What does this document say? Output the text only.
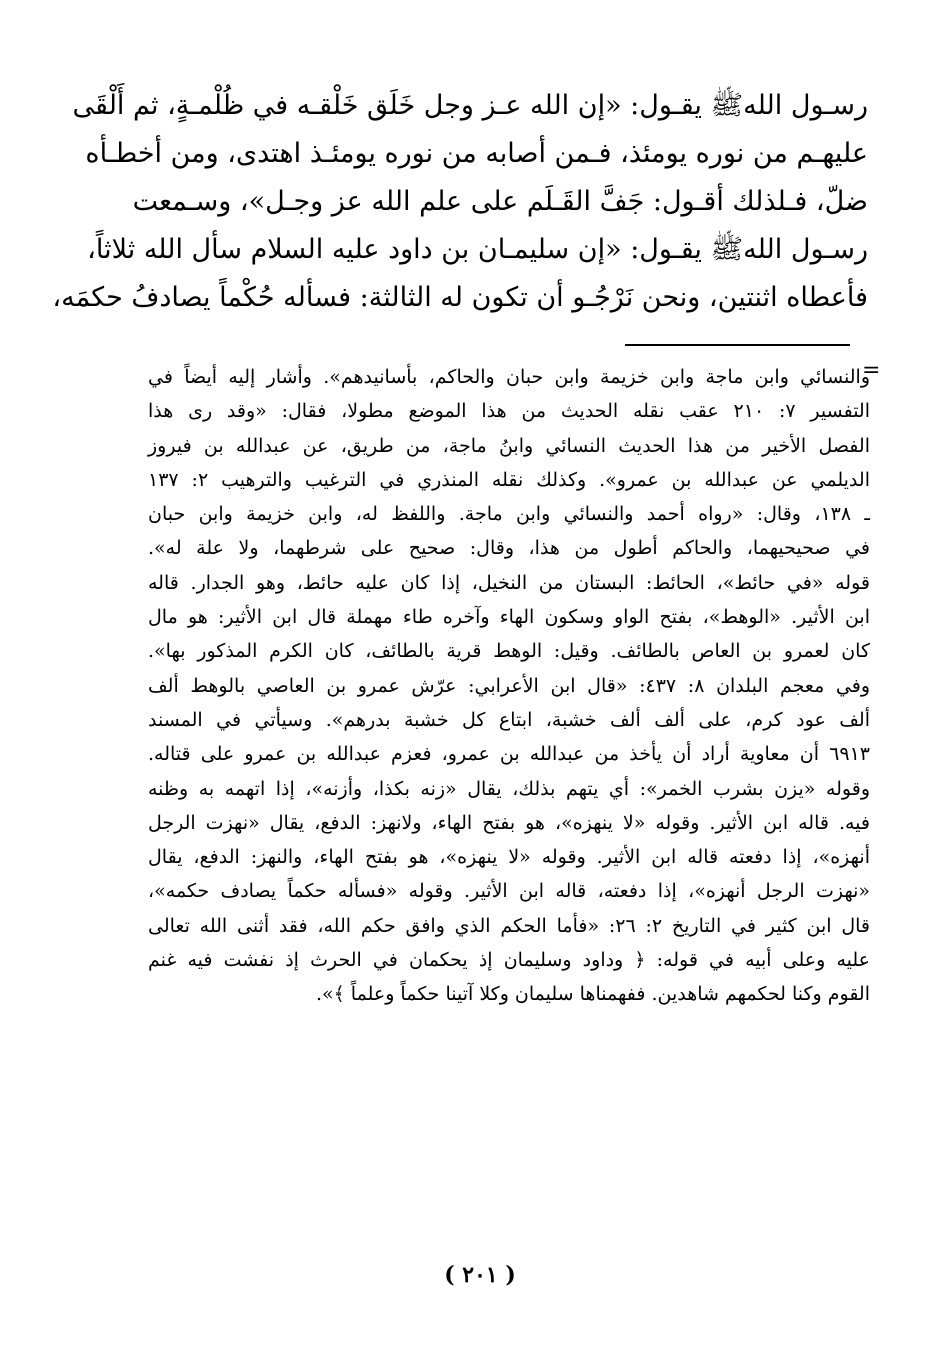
رسـول اللهﷺ يقـول: «إن الله عـز وجل خَلَق خَلْقـه في ظُلْمـةٍ، ثم أَلْقَى
عليهـم من نوره يومئذ، فـمن أصابه من نوره يومئـذ اهتدى، ومن أخطـأه
ضلّ، فـلذلك أقـول: جَفَّ القَـلَم على علم الله عز وجـل»، وسـمعت
رسـول اللهﷺ يقـول: «إن سليمـان بن داود عليه السلام سأل الله ثلاثاً،
فأعطاه اثنتين، ونحن نَرْجُـو أن تكون له الثالثة: فسأله حُكْماً يصادفُ حكمَه،
=
والنسائي وابن ماجة وابن خزيمة وابن حبان والحاكم، بأسانيدهم». وأشار إليه أيضاً في
التفسير ٧: ٢١٠ عقب نقله الحديث من هذا الموضع مطولا، فقال: «وقد رى هذا
الفصل الأخير من هذا الحديث النسائي وابنُ ماجة، من طريق، عن عبدالله بن فيروز
الديلمي عن عبدالله بن عمرو». وكذلك نقله المنذري في الترغيب والترهيب ٢: ١٣٧
ـ ١٣٨، وقال: «رواه أحمد والنسائي وابن ماجة. واللفظ له، وابن خزيمة وابن حبان
في صحيحيهما، والحاكم أطول من هذا، وقال: صحيح على شرطهما، ولا علة له».
قوله «في حائط»، الحائط: البستان من النخيل، إذا كان عليه حائط، وهو الجدار. قاله
ابن الأثير. «الوهط»، بفتح الواو وسكون الهاء وآخره طاء مهملة قال ابن الأثير: هو مال
كان لعمرو بن العاص بالطائف. وقيل: الوهط قرية بالطائف، كان الكرم المذكور بها».
وفي معجم البلدان ٨: ٤٣٧: «قال ابن الأعرابي: عرّش عمرو بن العاصي بالوهط ألف
ألف عود كرم، على ألف ألف خشبة، ابتاع كل خشبة بدرهم». وسيأتي في المسند
٦٩١٣ أن معاوية أراد أن يأخذ من عبدالله بن عمرو، فعزم عبدالله بن عمرو على قتاله.
وقوله «يزن بشرب الخمر»: أي يتهم بذلك، يقال «زنه بكذا، وأزنه»، إذا اتهمه به وظنه
فيه. قاله ابن الأثير. وقوله «لا ينهزه»، هو بفتح الهاء، ولانهز: الدفع، يقال «نهزت الرجل
أنهزه»، إذا دفعته قاله ابن الأثير. وقوله «لا ينهزه»، هو بفتح الهاء، والنهز: الدفع، يقال
«نهزت الرجل أنهزه»، إذا دفعته، قاله ابن الأثير. وقوله «فسأله حكماً يصادف حكمه»،
قال ابن كثير في التاريخ ٢: ٢٦: «فأما الحكم الذي وافق حكم الله، فقد أثنى الله تعالى
عليه وعلى أبيه في قوله: ﴿ وداود وسليمان إذ يحكمان في الحرث إذ نفشت فيه غنم
القوم وكنا لحكمهم شاهدين. ففهمناها سليمان وكلا آتينا حكماً وعلماً ﴾».
( ٢٠١ )
